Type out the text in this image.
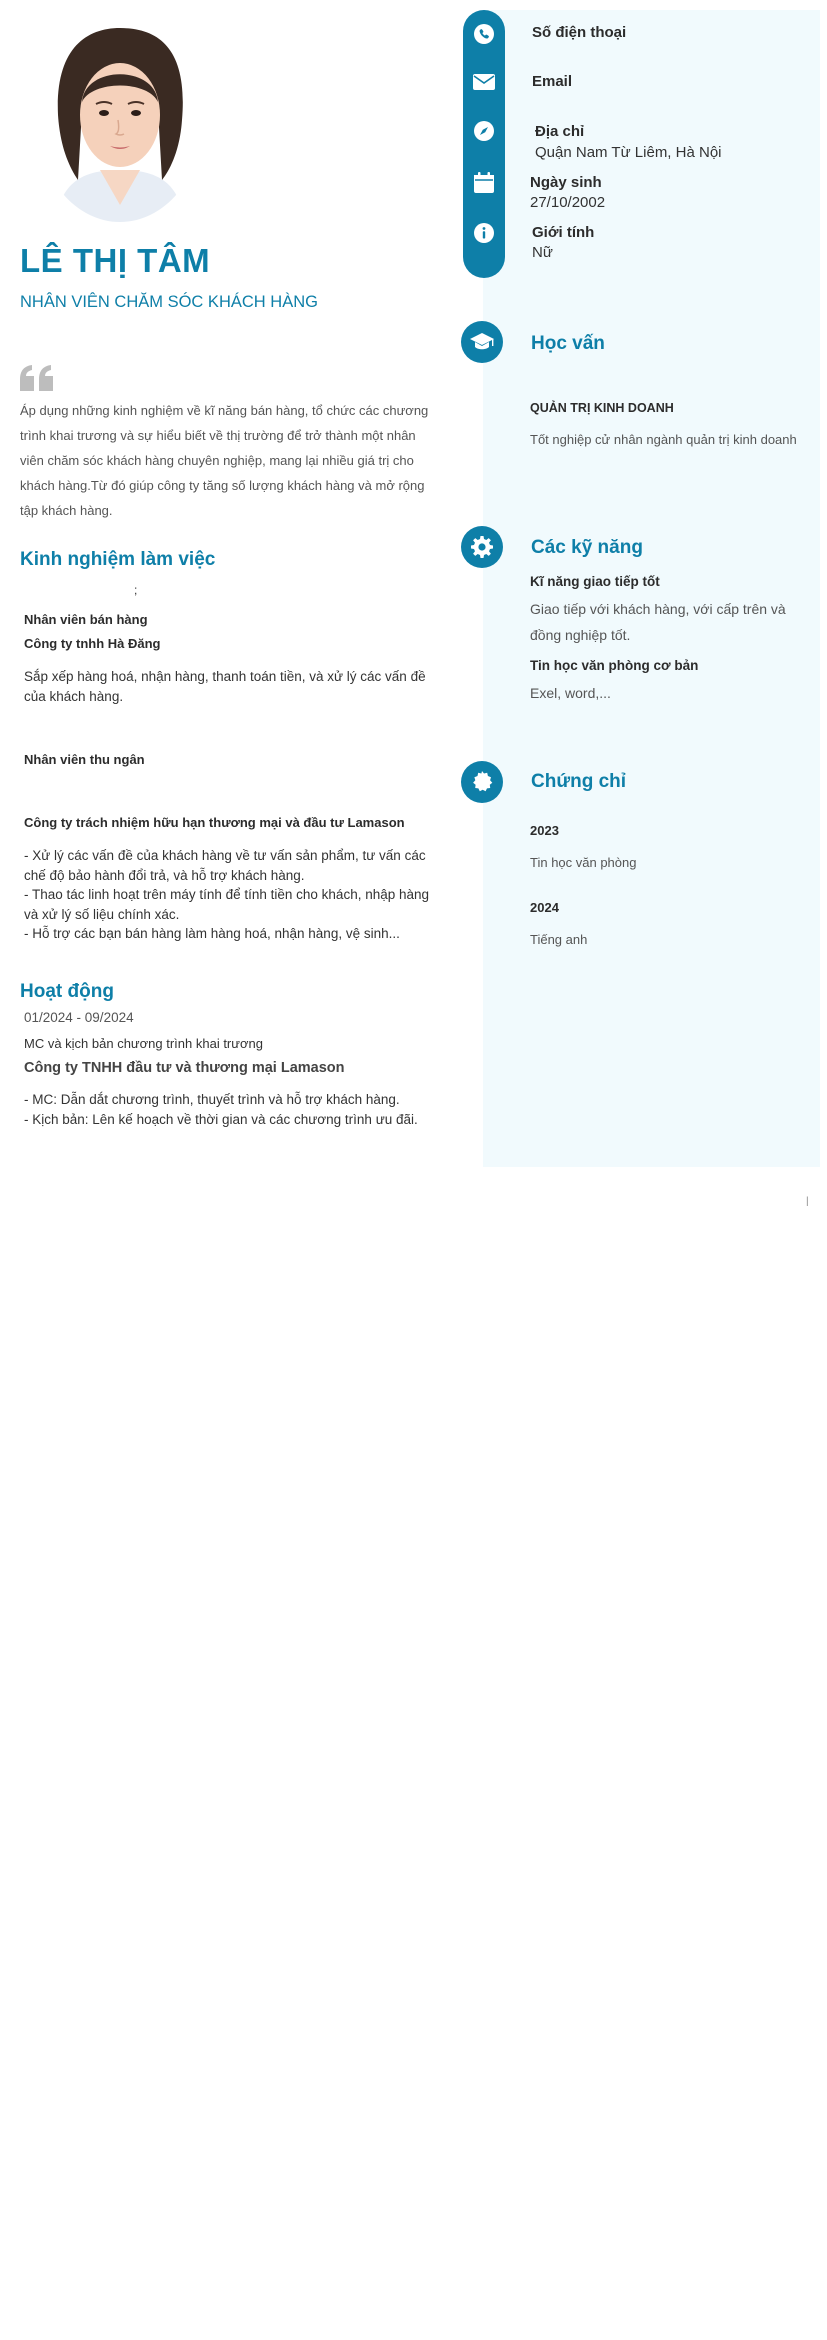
Số điện thoại
Email
Địa chỉ
Quận Nam Từ Liêm, Hà Nội
Ngày sinh
27/10/2002
Giới tính
Nữ
LÊ THỊ TÂM
NHÂN VIÊN CHĂM SÓC KHÁCH HÀNG
Áp dụng những kinh nghiệm về kĩ năng bán hàng, tổ chức các chương trình khai trương và sự hiểu biết về thị trường để trở thành một nhân viên chăm sóc khách hàng chuyên nghiệp, mang lại nhiều giá trị cho khách hàng.Từ đó giúp công ty tăng số lượng khách hàng và mở rộng tập khách hàng.
Kinh nghiệm làm việc
;
Nhân viên bán hàng
Công ty tnhh Hà Đăng
Sắp xếp hàng hoá, nhận hàng, thanh toán tiền, và xử lý các vấn đề của khách hàng.
Nhân viên thu ngân
Công ty trách nhiệm hữu hạn thương mại và đầu tư Lamason
- Xử lý các vấn đề của khách hàng về tư vấn sản phẩm, tư vấn các
chế độ bảo hành đổi trả, và hỗ trợ khách hàng.
- Thao tác linh hoạt trên máy tính để tính tiền cho khách, nhập hàng
và xử lý số liệu chính xác.
- Hỗ trợ các bạn bán hàng làm hàng hoá, nhận hàng, vệ sinh...
Hoạt động
01/2024 - 09/2024
MC và kịch bản chương trình khai trương
Công ty TNHH đầu tư và thương mại Lamason
- MC: Dẫn dắt chương trình, thuyết trình và hỗ trợ khách hàng.
- Kịch bản: Lên kế hoạch về thời gian và các chương trình ưu đãi.
Học vấn
QUẢN TRỊ KINH DOANH
Tốt nghiệp cử nhân ngành quản trị kinh doanh
Các kỹ năng
Kĩ năng giao tiếp tốt
Giao tiếp với khách hàng, với cấp trên và
đồng nghiệp tốt.
Tin học văn phòng cơ bản
Exel, word,...
Chứng chỉ
2023
Tin học văn phòng
2024
Tiếng anh
|
